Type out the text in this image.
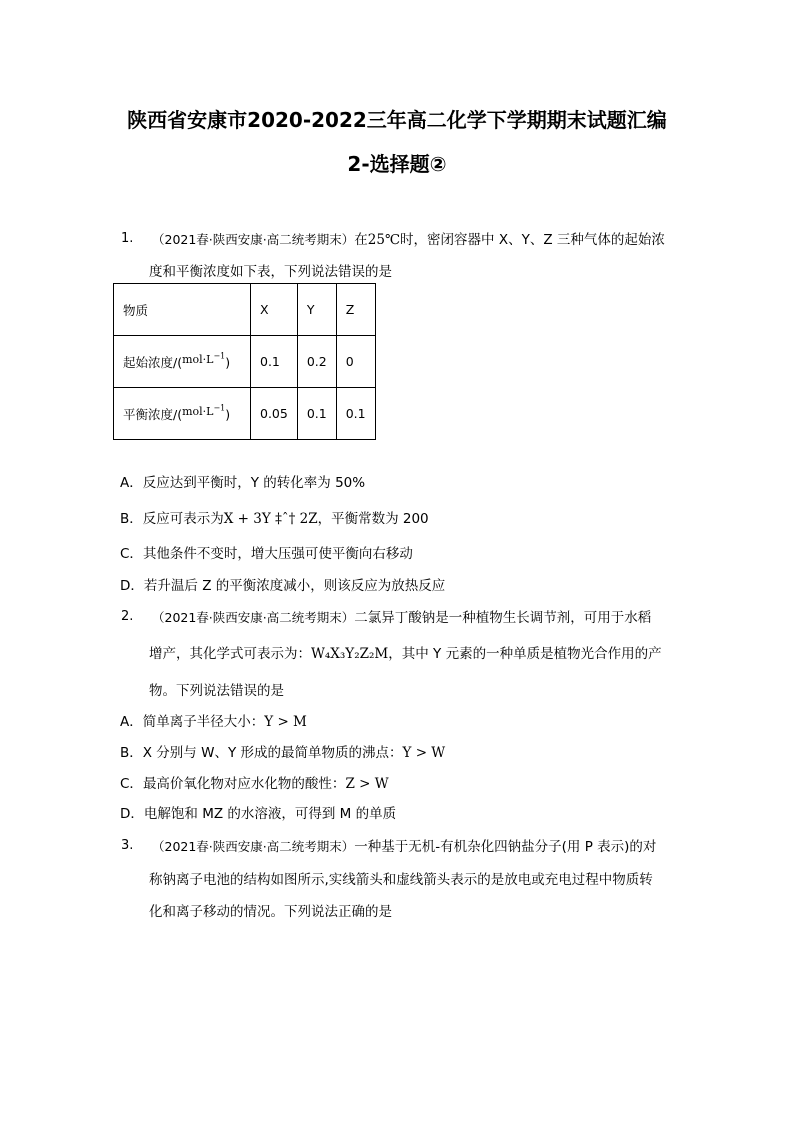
陕西省安康市2020-2022三年高二化学下学期期末试题汇编
2-选择题②
1. （2021春·陕西安康·高二统考期末）在25℃时，密闭容器中 X、Y、Z 三种气体的起始浓
度和平衡浓度如下表，下列说法错误的是
物质	X	Y	Z
起始浓度$/(mol\cdot L^{-1})$	0.1	0.2	0
平衡浓度$/(mol\cdot L^{-1})$	0.05	0.1	0.1
A．反应达到平衡时，Y 的转化率为 50%
B．反应可表示为X + 3Y ‡ˆ† 2Z，平衡常数为 200
C．其他条件不变时，增大压强可使平衡向右移动
D．若升温后 Z 的平衡浓度减小，则该反应为放热反应
2. （2021春·陕西安康·高二统考期末）二氯异丁酸钠是一种植物生长调节剂，可用于水稻
增产，其化学式可表示为：W₄X₃Y₂Z₂M，其中 Y 元素的一种单质是植物光合作用的产
物。下列说法错误的是
A．简单离子半径大小：Y > M
B．X 分别与 W、Y 形成的最简单物质的沸点：Y > W
C．最高价氧化物对应水化物的酸性：Z > W
D．电解饱和 MZ 的水溶液，可得到 M 的单质
3. （2021春·陕西安康·高二统考期末）一种基于无机-有机杂化四钠盐分子(用 P 表示)的对
称钠离子电池的结构如图所示,实线箭头和虚线箭头表示的是放电或充电过程中物质转
化和离子移动的情况。下列说法正确的是
